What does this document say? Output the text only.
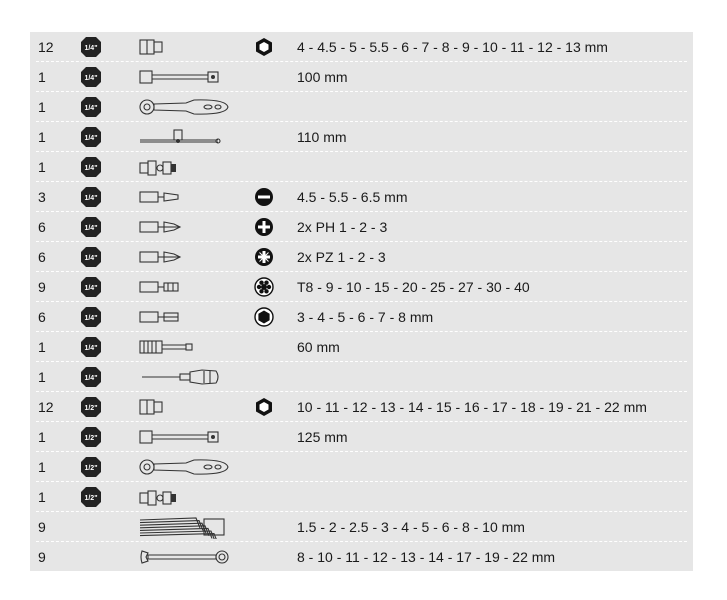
12	1/4"	4 - 4.5 - 5 - 5.5 - 6 - 7 - 8 - 9 - 10 - 11 - 12 - 13 mm
1	1/4"	100 mm
1	1/4"
1	1/4"	110 mm
1	1/4"
3	1/4"	4.5 - 5.5 - 6.5 mm
6	1/4"	2x PH 1 - 2 - 3
6	1/4"	2x PZ 1 - 2 - 3
9	1/4"	T8 - 9 - 10 - 15 - 20 - 25 - 27 - 30 - 40
6	1/4"	3 - 4 - 5 - 6 - 7 - 8 mm
1	1/4"	60 mm
1	1/4"
12	1/2"	10 - 11 - 12 - 13 - 14 - 15 - 16 - 17 - 18 - 19 - 21 - 22 mm
1	1/2"	125 mm
1	1/2"
1	1/2"
9	1.5 - 2 - 2.5 - 3 - 4 - 5 - 6 - 8 - 10 mm
9	8 - 10 - 11 - 12 - 13 - 14 - 17 - 19 - 22 mm
